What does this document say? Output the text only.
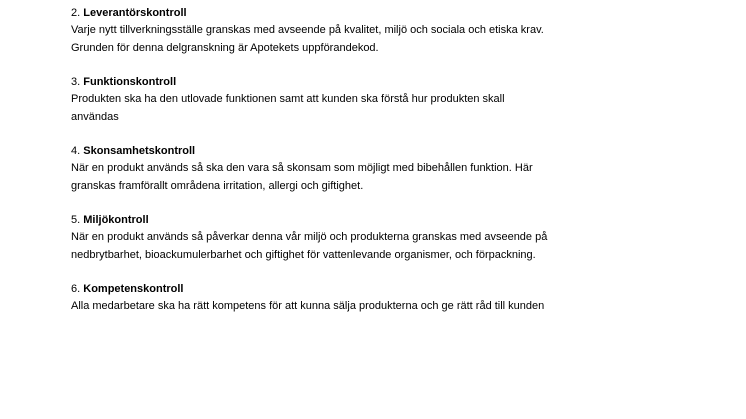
2. Leverantörskontroll

Varje nytt tillverkningsställe granskas med avseende på kvalitet, miljö och sociala och etiska krav.
Grunden för denna delgranskning är Apotekets uppförandekod.

3. Funktionskontroll

Produkten ska ha den utlovade funktionen samt att kunden ska förstå hur produkten skall
användas

4. Skonsamhetskontroll

När en produkt används så ska den vara så skonsam som möjligt med bibehållen funktion. Här
granskas framförallt områdena irritation, allergi och giftighet.

5. Miljökontroll

När en produkt används så påverkar denna vår miljö och produkterna granskas med avseende på
nedbrytbarhet, bioackumulerbarhet och giftighet för vattenlevande organismer, och förpackning.

6. Kompetenskontroll

Alla medarbetare ska ha rätt kompetens för att kunna sälja produkterna och ge rätt råd till kunden
